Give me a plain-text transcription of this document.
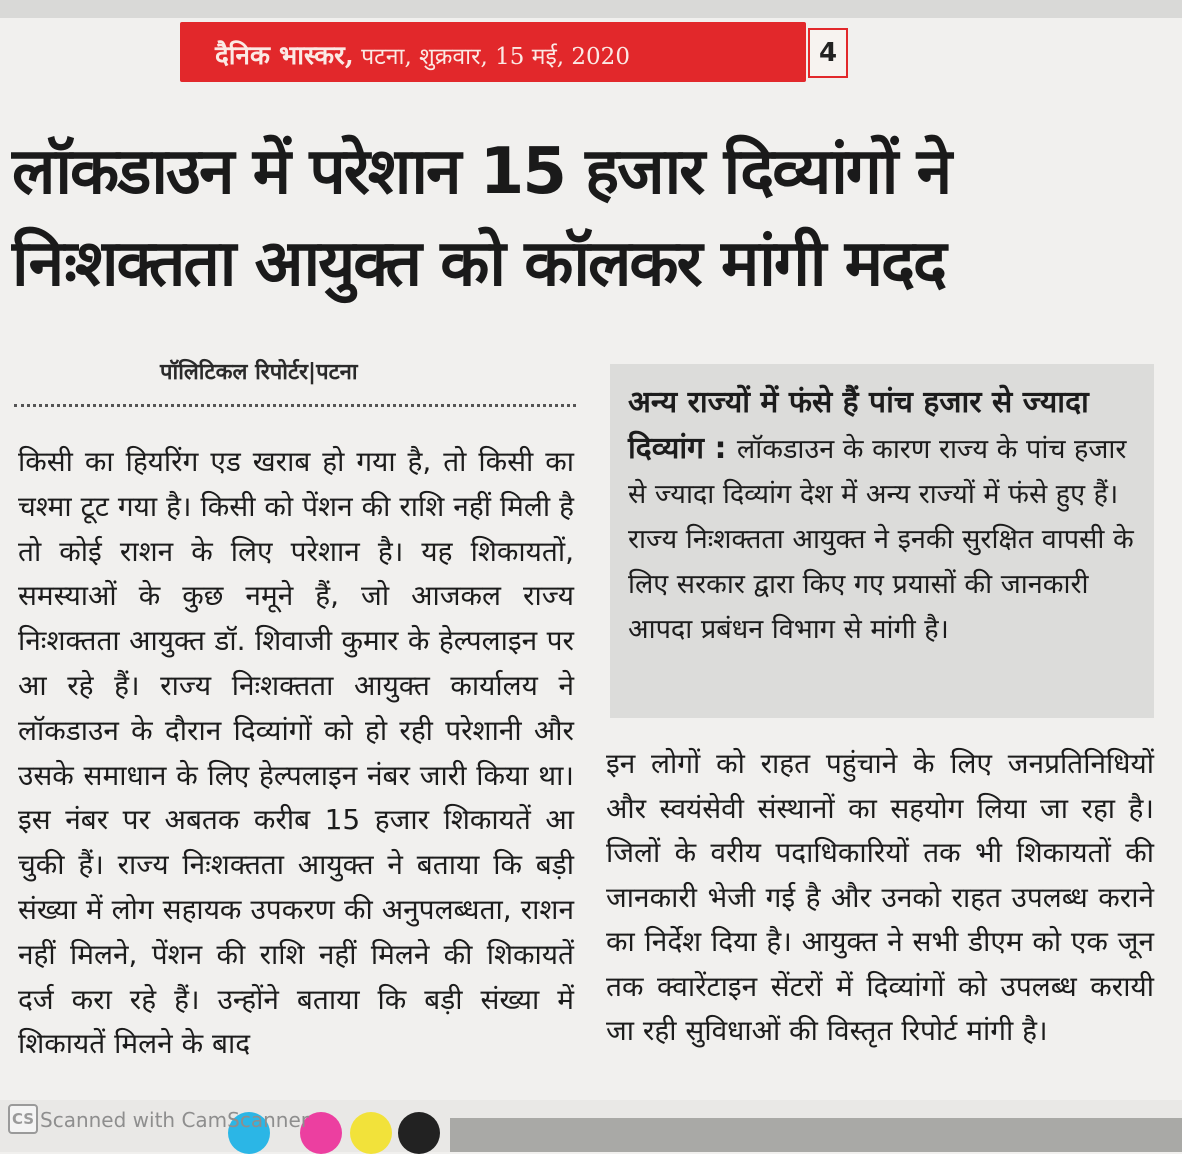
दैनिक भास्कर, पटना, शुक्रवार, 15 मई, 2020	4
लॉकडाउन में परेशान 15 हजार दिव्यांगों ने
निःशक्तता आयुक्त को कॉलकर मांगी मदद
पॉलिटिकल रिपोर्टर|पटना
किसी का हियरिंग एड खराब हो गया है, तो किसी का चश्मा टूट गया है। किसी को पेंशन की राशि नहीं मिली है तो कोई राशन के लिए परेशान है। यह शिकायतों, समस्याओं के कुछ नमूने हैं, जो आजकल राज्य निःशक्तता आयुक्त डॉ. शिवाजी कुमार के हेल्पलाइन पर आ रहे हैं। राज्य निःशक्तता आयुक्त कार्यालय ने लॉकडाउन के दौरान दिव्यांगों को हो रही परेशानी और उसके समाधान के लिए हेल्पलाइन नंबर जारी किया था। इस नंबर पर अबतक करीब 15 हजार शिकायतें आ चुकी हैं। राज्य निःशक्तता आयुक्त ने बताया कि बड़ी संख्या में लोग सहायक उपकरण की अनुपलब्धता, राशन नहीं मिलने, पेंशन की राशि नहीं मिलने की शिकायतें दर्ज करा रहे हैं। उन्होंने बताया कि बड़ी संख्या में शिकायतें मिलने के बाद
अन्य राज्यों में फंसे हैं पांच हजार से ज्यादा दिव्यांग : लॉकडाउन के कारण राज्य के पांच हजार से ज्यादा दिव्यांग देश में अन्य राज्यों में फंसे हुए हैं। राज्य निःशक्तता आयुक्त ने इनकी सुरक्षित वापसी के लिए सरकार द्वारा किए गए प्रयासों की जानकारी आपदा प्रबंधन विभाग से मांगी है।
इन लोगों को राहत पहुंचाने के लिए जनप्रतिनिधियों और स्वयंसेवी संस्थानों का सहयोग लिया जा रहा है। जिलों के वरीय पदाधिकारियों तक भी शिकायतों की जानकारी भेजी गई है और उनको राहत उपलब्ध कराने का निर्देश दिया है। आयुक्त ने सभी डीएम को एक जून तक क्वारेंटाइन सेंटरों में दिव्यांगों को उपलब्ध करायी जा रही सुविधाओं की विस्तृत रिपोर्ट मांगी है।
CS Scanned with CamScanner
